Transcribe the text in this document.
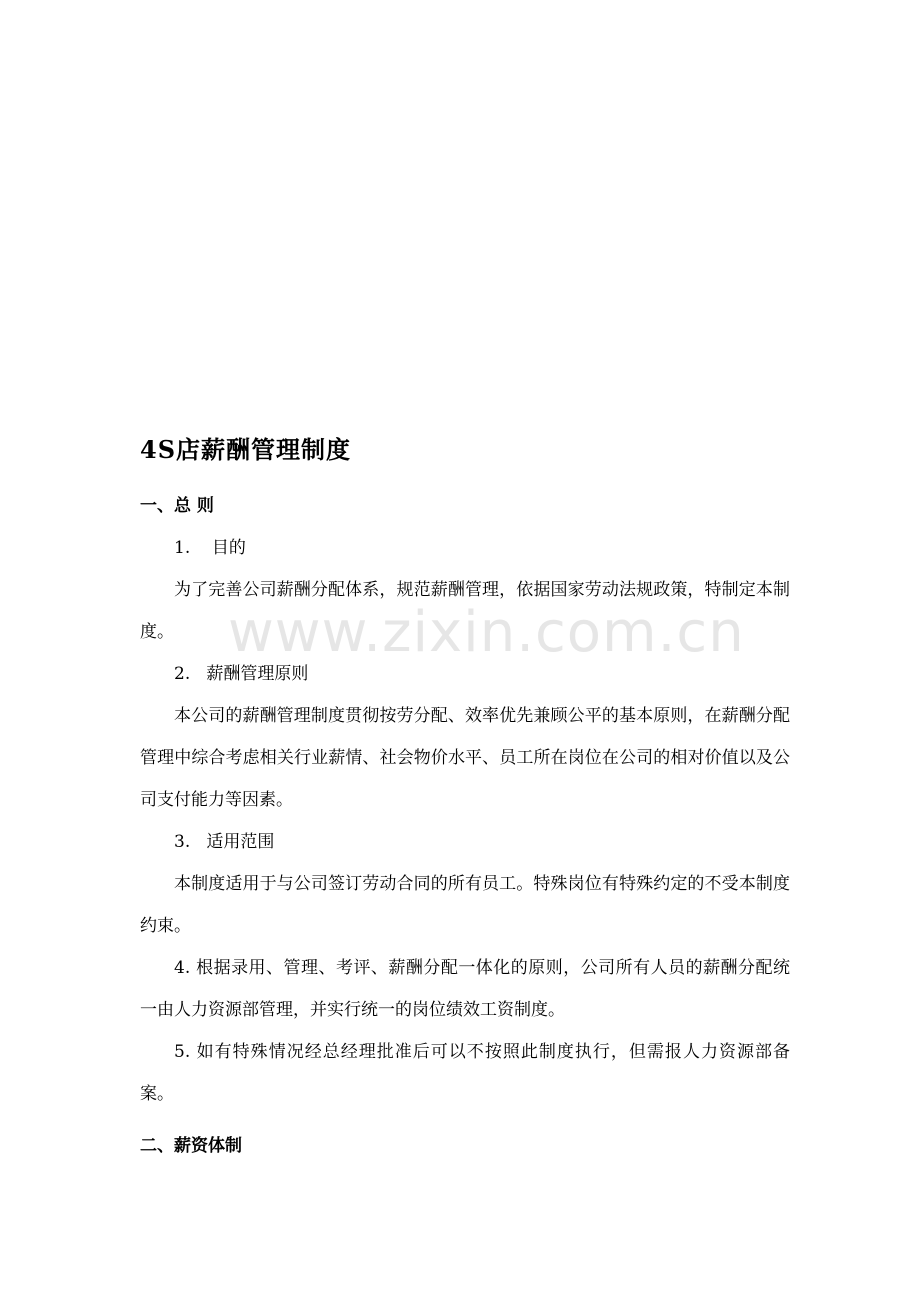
www.zixin.com.cn
4S店薪酬管理制度
一、总 则
1.    目的
为了完善公司薪酬分配体系，规范薪酬管理，依据国家劳动法规政策，特制定本制度。
2.   薪酬管理原则
本公司的薪酬管理制度贯彻按劳分配、效率优先兼顾公平的基本原则，在薪酬分配管理中综合考虑相关行业薪情、社会物价水平、员工所在岗位在公司的相对价值以及公司支付能力等因素。
3.   适用范围
本制度适用于与公司签订劳动合同的所有员工。特殊岗位有特殊约定的不受本制度约束。
4. 根据录用、管理、考评、薪酬分配一体化的原则，公司所有人员的薪酬分配统一由人力资源部管理，并实行统一的岗位绩效工资制度。
5. 如有特殊情况经总经理批准后可以不按照此制度执行，但需报人力资源部备案。
二、薪资体制
